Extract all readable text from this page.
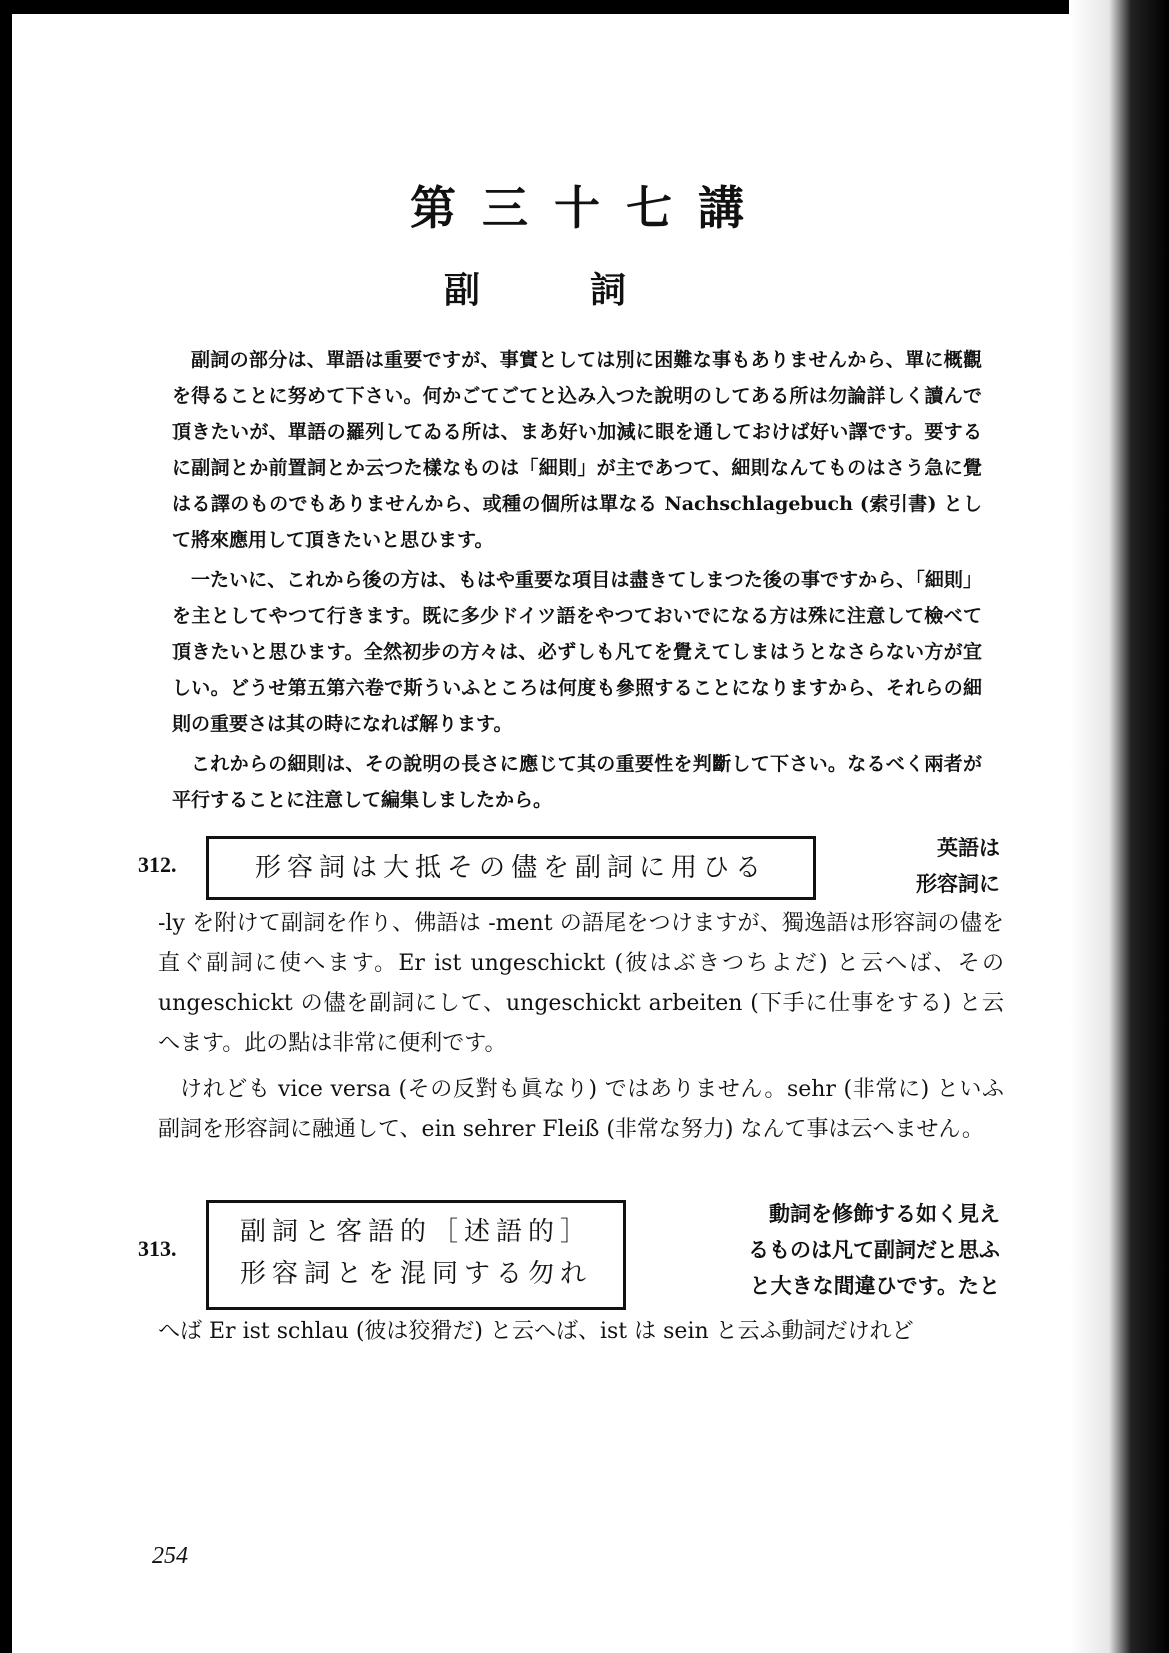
第三十七講
副詞

副詞の部分は、單語は重要ですが、事實としては別に困難な事もありませんから、單に概觀を得ることに努めて下さい。何かごてごてと込み入つた說明のしてある所は勿論詳しく讀んで頂きたいが、單語の羅列してゐる所は、まあ好い加減に眼を通しておけば好い譯です。要するに副詞とか前置詞とか云つた樣なものは「細則」が主であつて、細則なんてものはさう急に覺はる譯のものでもありませんから、或種の個所は單なる Nachschlagebuch (索引書) として將來應用して頂きたいと思ひます。

一たいに、これから後の方は、もはや重要な項目は盡きてしまつた後の事ですから、「細則」を主としてやつて行きます。既に多少ドイツ語をやつておいでになる方は殊に注意して檢べて頂きたいと思ひます。全然初步の方々は、必ずしも凡てを覺えてしまはうとなさらない方が宜しい。どうせ第五第六卷で斯ういふところは何度も參照することになりますから、それらの細則の重要さは其の時になれば解ります。

これからの細則は、その說明の長さに應じて其の重要性を判斷して下さい。なるべく兩者が平行することに注意して編集しましたから。

312.	形容詞は大抵その儘を副詞に用ひる
英語は
形容詞に

-ly を附けて副詞を作り、佛語は -ment の語尾をつけますが、獨逸語は形容詞の儘を直ぐ副詞に使へます。Er ist ungeschickt (彼はぶきつちよだ) と云へば、その ungeschickt の儘を副詞にして、ungeschickt arbeiten (下手に仕事をする) と云へます。此の點は非常に便利です。

けれども vice versa (その反對も眞なり) ではありません。sehr (非常に) といふ副詞を形容詞に融通して、ein sehrer Fleiß (非常な努力) なんて事は云へません。

313.
副詞と客語的［述語的］
形容詞とを混同する勿れ
動詞を修飾する如く見え
るものは凡て副詞だと思ふ
と大きな間違ひです。たと

へば Er ist schlau (彼は狡猾だ) と云へば、ist は sein と云ふ動詞だけれど

254
